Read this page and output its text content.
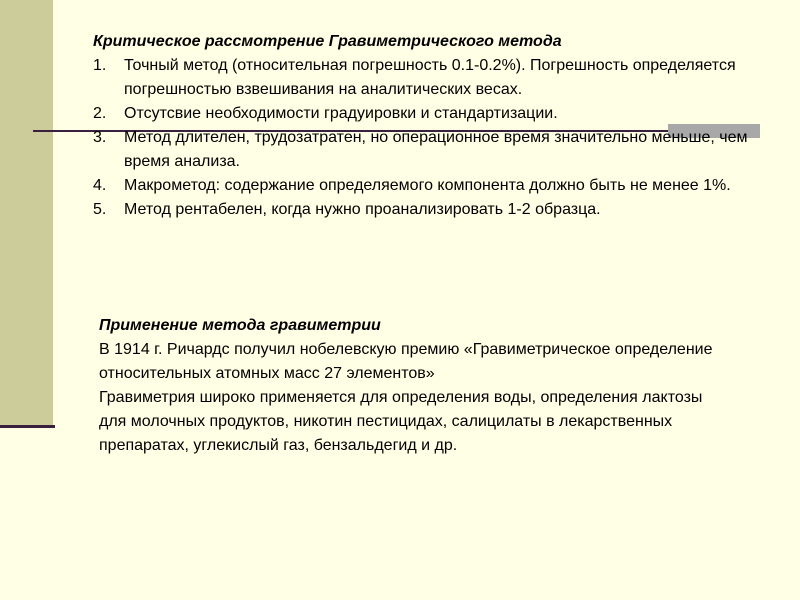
Критическое рассмотрение Гравиметрического метода

1. Точный метод (относительная погрешность 0.1-0.2%). Погрешность определяется погрешностью взвешивания на аналитических весах.
2. Отсутсвие необходимости градуировки и стандартизации.
3. Метод длителен, трудозатратен, но операционное время значительно меньше, чем время анализа.
4. Макрометод: содержание определяемого компонента должно быть не менее 1%.
5. Метод рентабелен, когда нужно проанализировать 1-2 образца.

Применение метода гравиметрии

В 1914 г. Ричардс получил нобелевскую премию «Гравиметрическое определение относительных атомных масс 27 элементов»

Гравиметрия широко применяется для определения воды, определения лактозы для молочных продуктов, никотин пестицидах, салицилаты в лекарственных препаратах, углекислый газ, бензальдегид и др.
